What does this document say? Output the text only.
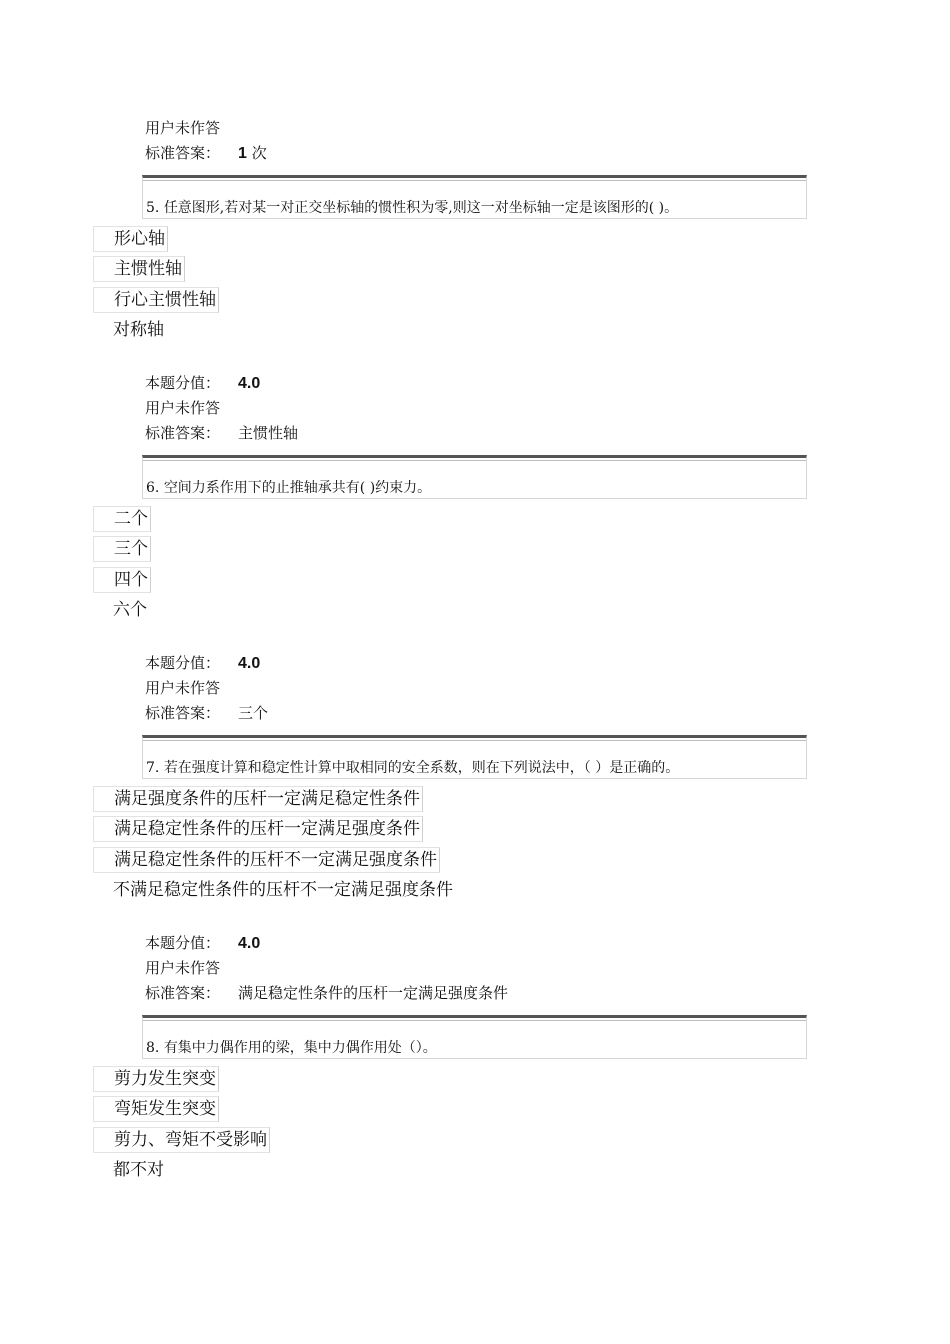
用户未作答
标准答案： 1 次
5. 任意图形,若对某一对正交坐标轴的惯性积为零,则这一对坐标轴一定是该图形的( )。
形心轴
主惯性轴
行心主惯性轴
对称轴
本题分值： 4.0
用户未作答
标准答案： 主惯性轴
6. 空间力系作用下的止推轴承共有( )约束力。
二个
三个
四个
六个
本题分值： 4.0
用户未作答
标准答案： 三个
7. 若在强度计算和稳定性计算中取相同的安全系数，则在下列说法中，（ ）是正确的。
满足强度条件的压杆一定满足稳定性条件
满足稳定性条件的压杆一定满足强度条件
满足稳定性条件的压杆不一定满足强度条件
不满足稳定性条件的压杆不一定满足强度条件
本题分值： 4.0
用户未作答
标准答案： 满足稳定性条件的压杆一定满足强度条件
8. 有集中力偶作用的梁，集中力偶作用处（）。
剪力发生突变
弯矩发生突变
剪力、弯矩不受影响
都不对
